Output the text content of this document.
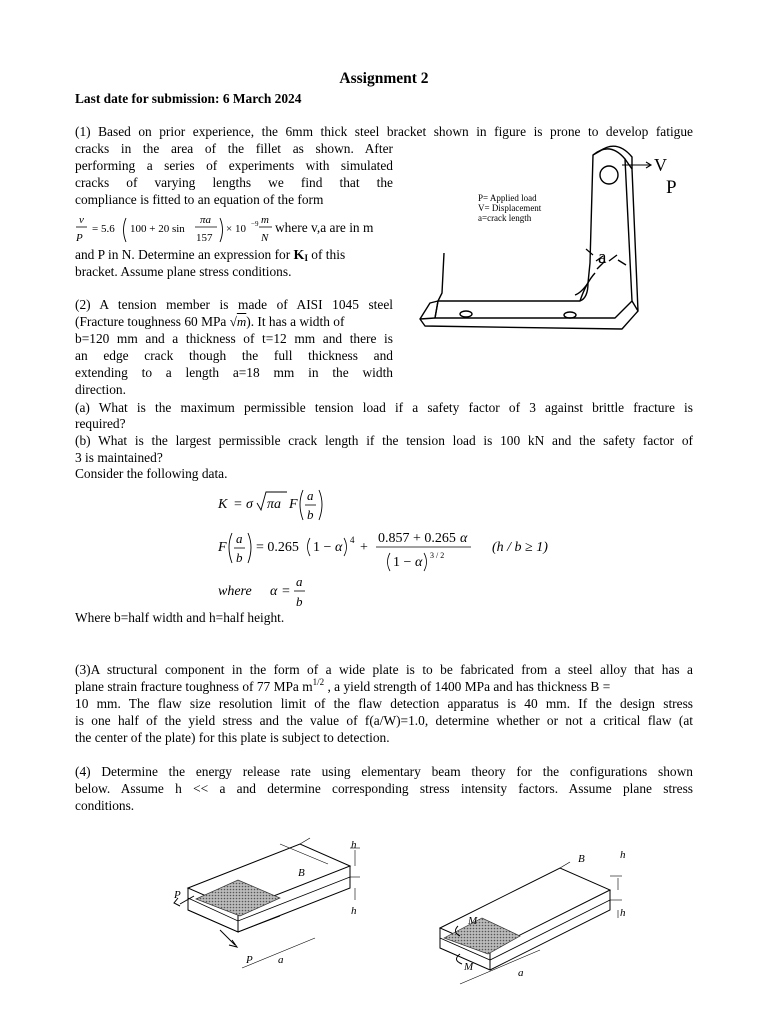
Assignment 2
Last date for submission: 6 March 2024
(1) Based on prior experience, the 6mm thick steel bracket shown in figure is prone to develop fatigue
cracks in the area of the fillet as shown. After
performing a series of experiments with simulated
cracks of varying lengths we find that the
compliance is fitted to an equation of the form
v
P
= 5.6 100 + 20 sin
πa
157
× 10 −9 m
N
where v,a are in m
and P in N. Determine an expression for $K_I$ of this
bracket. Assume plane stress conditions.
V
P
P= Applied load
V= Displacement
a=crack length
a
(2) A tension member is made of AISI 1045 steel
(Fracture toughness 60 MPa √m). It has a width of
b=120 mm and a thickness of t=12 mm and there is
an edge crack though the full thickness and
extending to a length a=18 mm in the width
direction.
(a) What is the maximum permissible tension load if a safety factor of 3 against brittle fracture is
required?
(b) What is the largest permissible crack length if the tension load is 100 kN and the safety factor of
3 is maintained?
Consider the following data.
K = σ πa F
a
b
F
a
b
= 0.265 1 − α 4 +
0.857 + 0.265 α
1 − α 3 / 2
(h / b ≥ 1)
where α =
a
b
Where b=half width and h=half height.
(3)A structural component in the form of a wide plate is to be fabricated from a steel alloy that has a
plane strain fracture toughness of 77 MPa $m^{1/2}$ , a yield strength of 1400 MPa and has thickness B =
10 mm. The flaw size resolution limit of the flaw detection apparatus is 40 mm. If the design stress
is one half of the yield stress and the value of f(a/W)=1.0, determine whether or not a critical flaw (at
the center of the plate) for this plate is subject to detection.
(4) Determine the energy release rate using elementary beam theory for the configurations shown
below. Assume h << a and determine corresponding stress intensity factors. Assume plane stress
conditions.
P
P
B
h
h
a
M
M
B	h
h
a
